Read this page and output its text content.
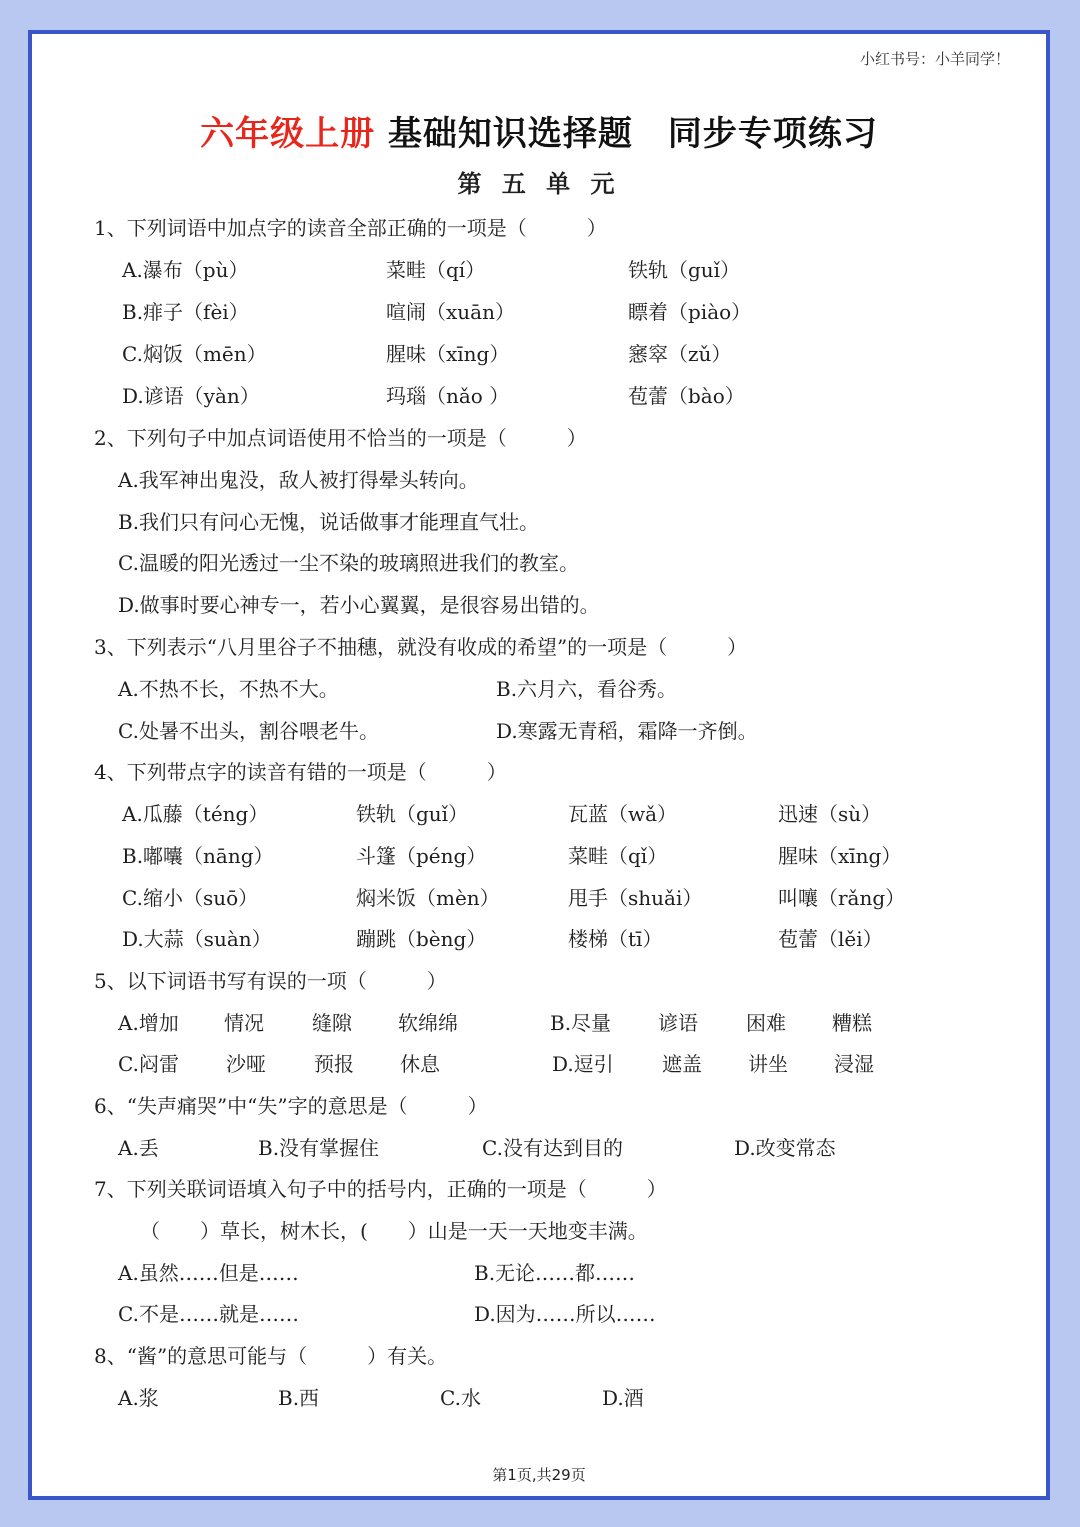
小红书号：小羊同学！
六年级上册 基础知识选择题　同步专项练习
第 五 单 元
1、下列词语中加点字的读音全部正确的一项是（　　　）
A.瀑布（pù）	菜畦（qí）	铁轨（guǐ）
B.痱子（fèi）	喧闹（xuān）	瞟着（piào）
C.焖饭（mēn）	腥味（xīng）	窸窣（zǔ）
D.谚语（yàn）	玛瑙（nǎo ）	苞蕾（bào）
2、下列句子中加点词语使用不恰当的一项是（　　　）
A.我军神出鬼没，敌人被打得晕头转向。
B.我们只有问心无愧，说话做事才能理直气壮。
C.温暖的阳光透过一尘不染的玻璃照进我们的教室。
D.做事时要心神专一，若小心翼翼，是很容易出错的。
3、下列表示“八月里谷子不抽穗，就没有收成的希望”的一项是（　　　）
A.不热不长，不热不大。	B.六月六，看谷秀。
C.处暑不出头，割谷喂老牛。	D.寒露无青稻，霜降一齐倒。
4、下列带点字的读音有错的一项是（　　　）
A.瓜藤（téng）	铁轨（guǐ）	瓦蓝（wǎ）	迅速（sù）
B.嘟囔（nāng）	斗篷（péng）	菜畦（qǐ）	腥味（xīng）
C.缩小（suō）	焖米饭（mèn）	甩手（shuǎi）	叫嚷（rǎng）
D.大蒜（suàn）	蹦跳（bèng）	楼梯（tī）	苞蕾（lěi）
5、以下词语书写有误的一项（　　　）
A.增加 情况 缝隙 软绵绵	B.尽量 谚语 困难 糟糕
C.闷雷 沙哑 预报 休息	D.逗引 遮盖 讲坐 浸湿
6、“失声痛哭”中“失”字的意思是（　　　）
A.丢	B.没有掌握住	C.没有达到目的	D.改变常态
7、下列关联词语填入句子中的括号内，正确的一项是（　　　）
（　　）草长，树木长，(　　）山是一天一天地变丰满。
A.虽然……但是……	B.无论……都……
C.不是……就是……	D.因为……所以……
8、“酱”的意思可能与（　　　）有关。
A.浆	B.西	C.水	D.酒
第1页,共29页
